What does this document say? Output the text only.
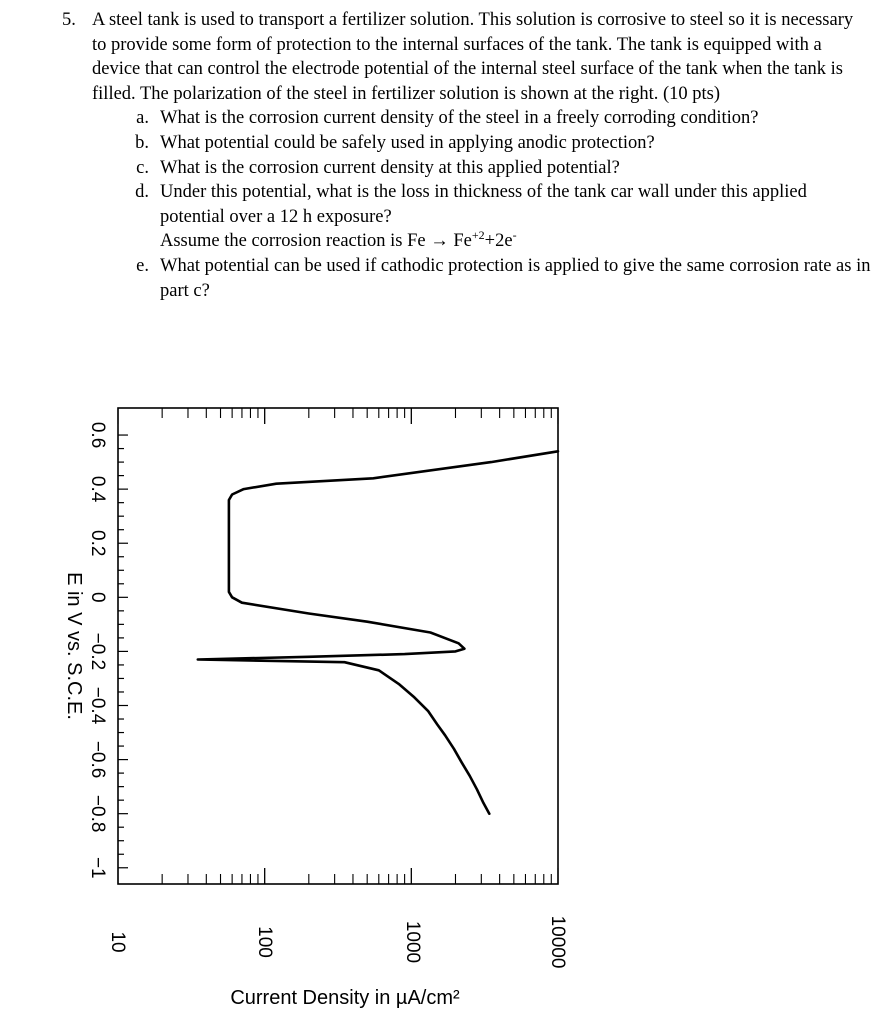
5. A steel tank is used to transport a fertilizer solution. This solution is corrosive to steel so it is necessary to provide some form of protection to the internal surfaces of the tank. The tank is equipped with a device that can control the electrode potential of the internal steel surface of the tank when the tank is filled. The polarization of the steel in fertilizer solution is shown at the right. (10 pts)
a. What is the corrosion current density of the steel in a freely corroding condition?
b. What potential could be safely used in applying anodic protection?
c. What is the corrosion current density at this applied potential?
d. Under this potential, what is the loss in thickness of the tank car wall under this applied potential over a 12 h exposure?
Assume the corrosion reaction is $Fe \to Fe^{+2}+2e^-$
e. What potential can be used if cathodic protection is applied to give the same corrosion rate as in part c?
0.6
0.4
0.2
0
−0.2
−0.4
−0.6
−0.8
−1
10	100	1000	10000
E in V vs. S.C.E.
Current Density in µA/cm²
